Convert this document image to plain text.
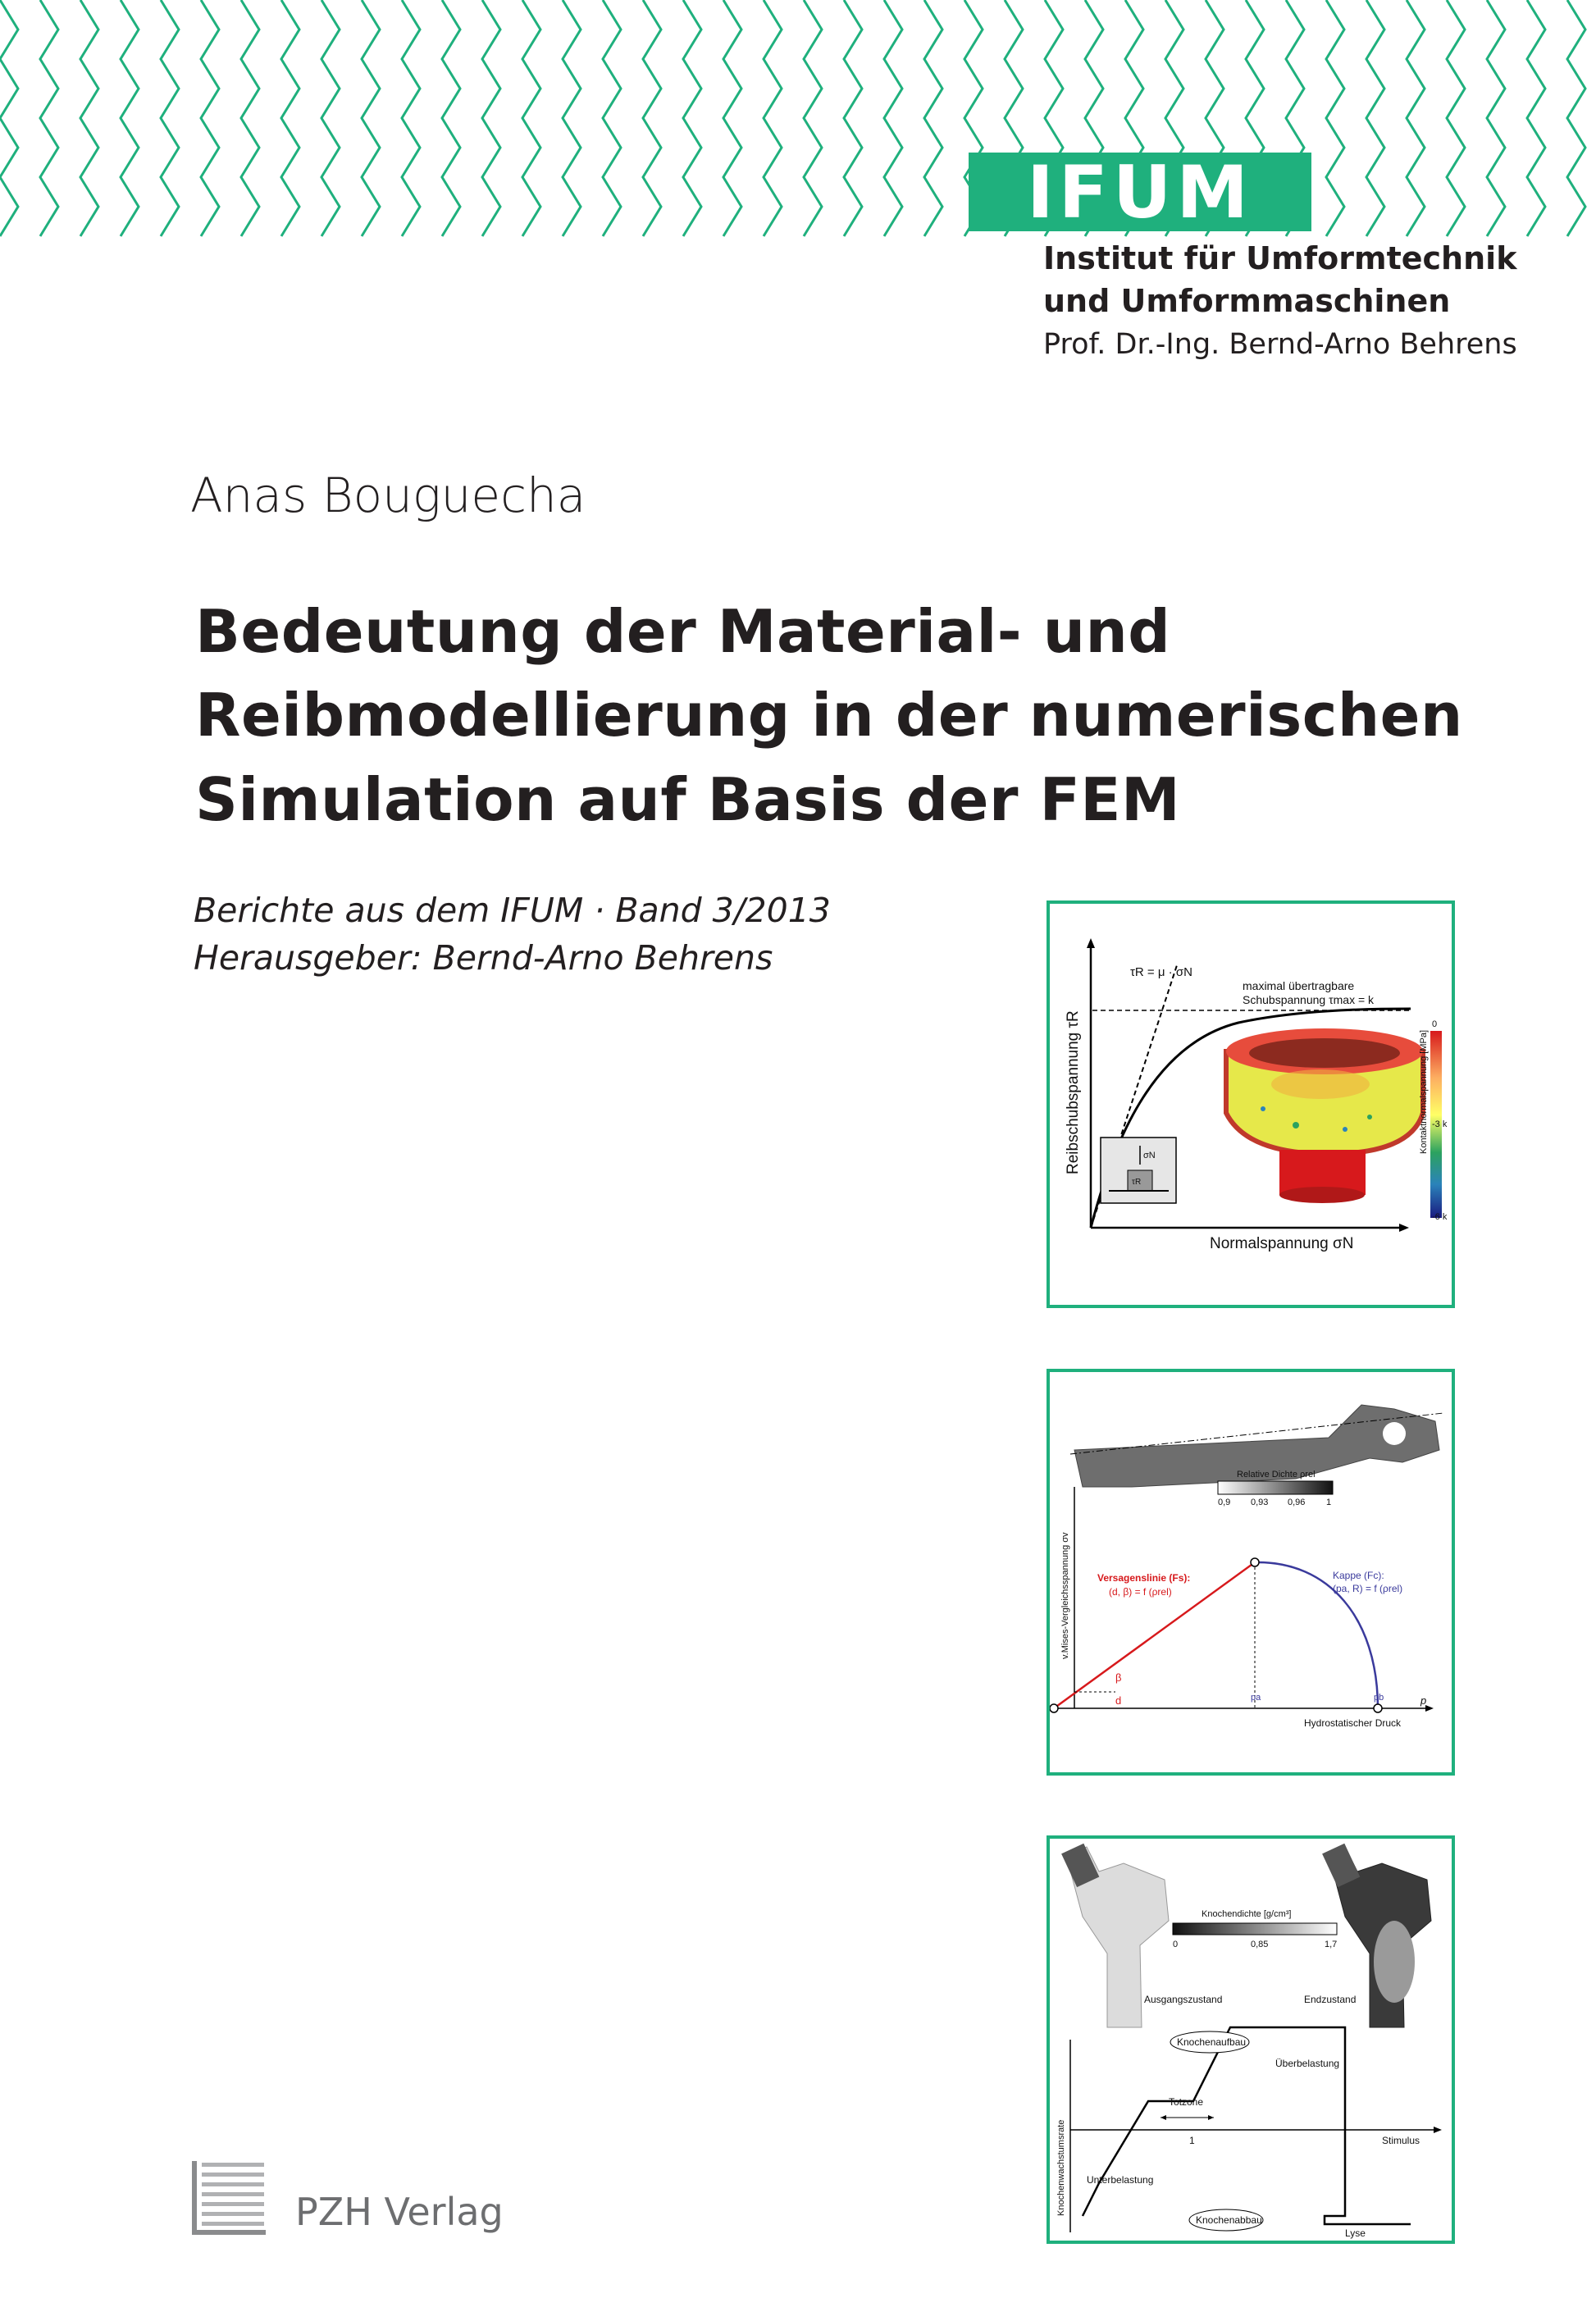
IFUM
Institut für Umformtechnik
und Umformmaschinen
Prof. Dr.-Ing. Bernd-Arno Behrens
Anas Bouguecha
Bedeutung der Material- und
Reibmodellierung in der numerischen
Simulation auf Basis der FEM
Berichte aus dem IFUM · Band 3/2013
Herausgeber: Bernd-Arno Behrens	τR = μ · σN
maximal übertragbare
Schubspannung τmax = k
Reibschubspannung τR
Normalspannung σN
Kontaktnormalspannung [MPa]
0
-3 k
-6 k
σN
τR
Relative Dichte ρrel
0,9 0,93 0,96 1
v.Mises-Vergleichsspannung σv	Versagenslinie (Fs):
(d, β) = f (ρrel)
Kappe (Fc):
(pa, R) = f (ρrel)
β
d	pa	pb	p
Hydrostatischer Druck
Knochendichte [g/cm³]
0	0,85	1,7
Ausgangszustand	Endzustand
Knochenwachstumsrate
Knochenaufbau
Überbelastung
Totzone
1	Stimulus
Unterbelastung
Knochenabbau
Lyse
PZH Verlag
